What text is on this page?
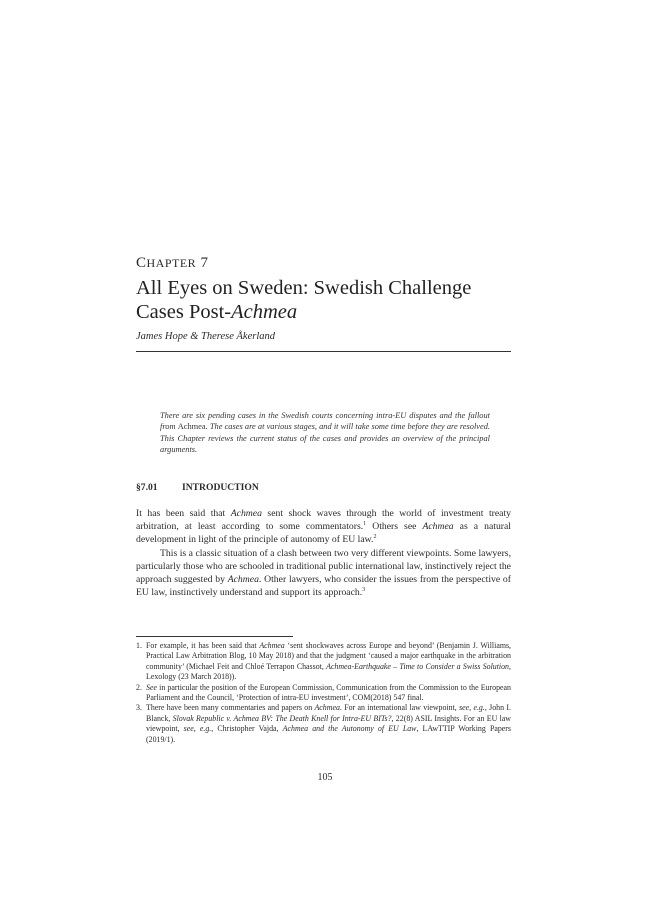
CHAPTER 7
All Eyes on Sweden: Swedish Challenge
Cases Post-Achmea
James Hope & Therese Åkerland
There are six pending cases in the Swedish courts concerning intra-EU disputes and the fallout from Achmea. The cases are at various stages, and it will take some time before they are resolved. This Chapter reviews the current status of the cases and provides an overview of the principal arguments.
§7.01	INTRODUCTION

It has been said that Achmea sent shock waves through the world of investment treaty arbitration, at least according to some commentators.$^1$ Others see Achmea as a natural development in light of the principle of autonomy of EU law.$^2$

This is a classic situation of a clash between two very different viewpoints. Some lawyers, particularly those who are schooled in traditional public international law, instinctively reject the approach suggested by Achmea. Other lawyers, who consider the issues from the perspective of EU law, instinctively understand and support its approach.$^3$

1. For example, it has been said that Achmea ‘sent shockwaves across Europe and beyond’ (Benjamin J. Williams, Practical Law Arbitration Blog, 10 May 2018) and that the judgment ‘caused a major earthquake in the arbitration community’ (Michael Feit and Chloé Terrapon Chassot, Achmea-Earthquake – Time to Consider a Swiss Solution, Lexology (23 March 2018)).
2. See in particular the position of the European Commission, Communication from the Commission to the European Parliament and the Council, ‘Protection of intra-EU investment’, COM(2018) 547 final.
3. There have been many commentaries and papers on Achmea. For an international law viewpoint, see, e.g., John I. Blanck, Slovak Republic v. Achmea BV: The Death Knell for Intra-EU BITs?, 22(8) ASIL Insights. For an EU law viewpoint, see, e.g., Christopher Vajda, Achmea and the Autonomy of EU Law, LAwTTIP Working Papers (2019/1).
105
